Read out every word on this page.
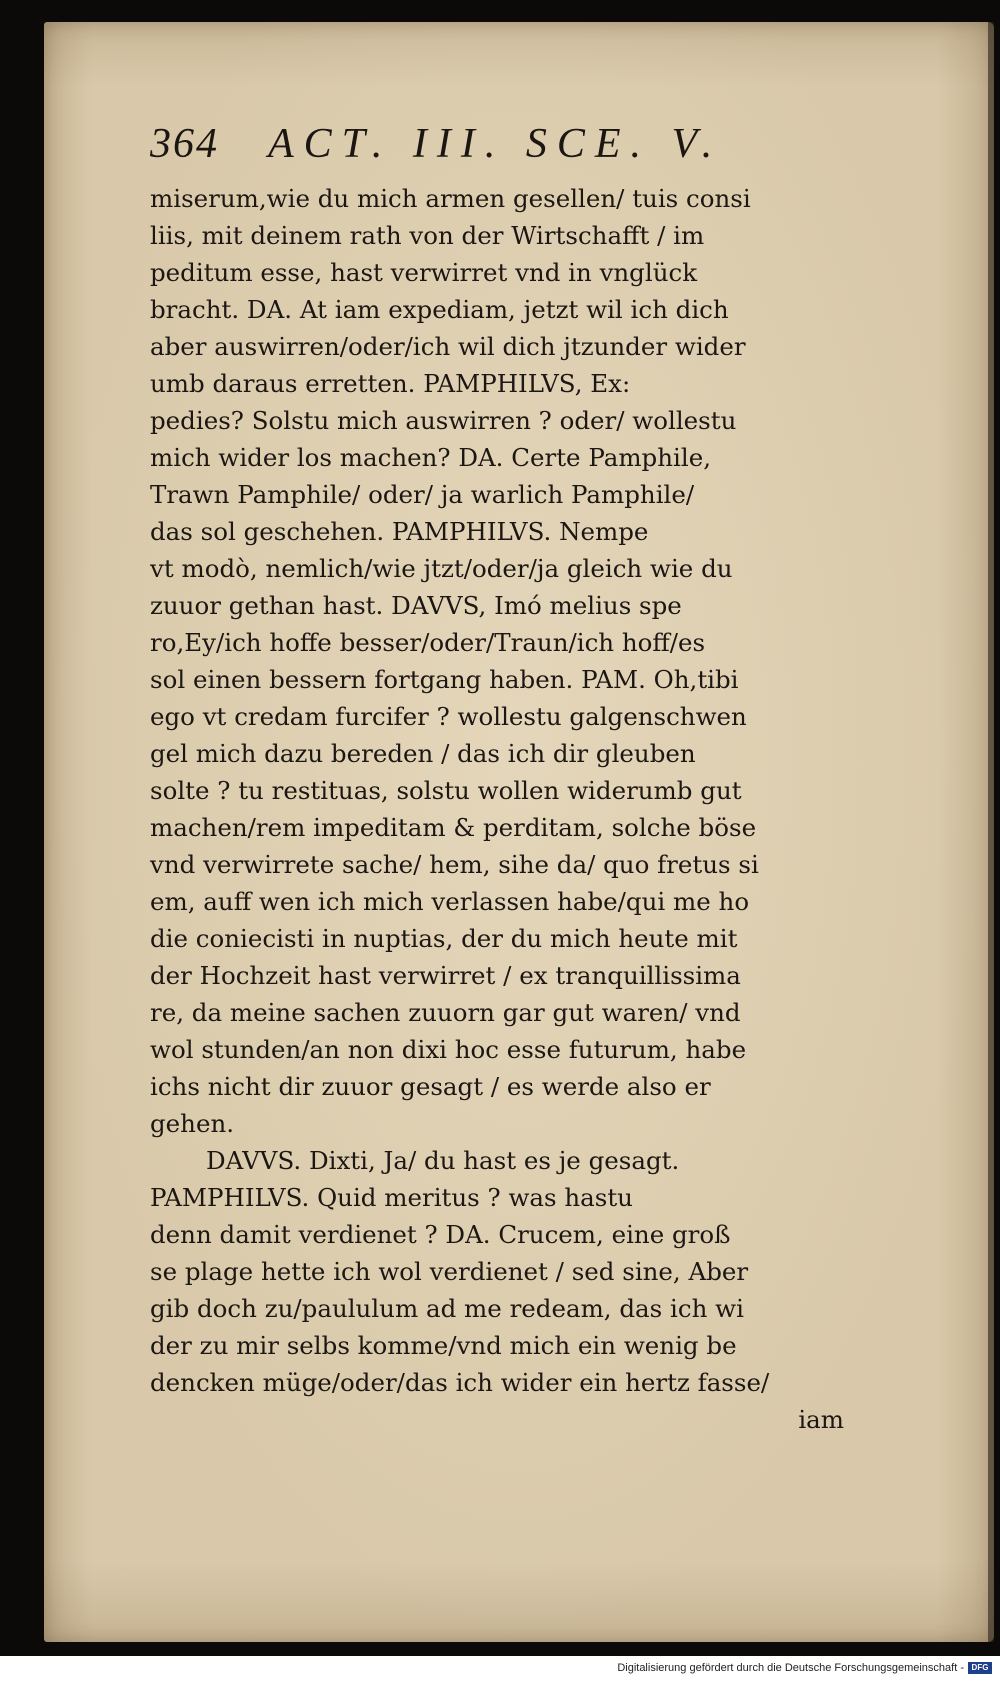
364 ACT. III. SCE. V.
miserum,wie du mich armen gesellen/ tuis consi
liis, mit deinem rath von der Wirtschafft / im
peditum esse, hast verwirret vnd in vnglück
bracht. DA. At iam expediam, jetzt wil ich dich
aber auswirren/oder/ich wil dich jtzunder wider
umb daraus erretten. PAMPHILVS, Ex:
pedies? Solstu mich auswirren ? oder/ wollestu
mich wider los machen? DA. Certe Pamphile,
Trawn Pamphile/ oder/ ja warlich Pamphile/
das sol geschehen. PAMPHILVS. Nempe
vt modò, nemlich/wie jtzt/oder/ja gleich wie du
zuuor gethan hast. DAVVS, Imó melius spe
ro,Ey/ich hoffe besser/oder/Traun/ich hoff/es
sol einen bessern fortgang haben. PAM. Oh,tibi
ego vt credam furcifer ? wollestu galgenschwen
gel mich dazu bereden / das ich dir gleuben
solte ? tu restituas, solstu wollen widerumb gut
machen/rem impeditam & perditam, solche böse
vnd verwirrete sache/ hem, sihe da/ quo fretus si
em, auff wen ich mich verlassen habe/qui me ho
die coniecisti in nuptias, der du mich heute mit
der Hochzeit hast verwirret / ex tranquillissima
re, da meine sachen zuuorn gar gut waren/ vnd
wol stunden/an non dixi hoc esse futurum, habe
ichs nicht dir zuuor gesagt / es werde also er
gehen.
DAVVS. Dixti, Ja/ du hast es je gesagt.
PAMPHILVS. Quid meritus ? was hastu
denn damit verdienet ? DA. Crucem, eine groß
se plage hette ich wol verdienet / sed sine, Aber
gib doch zu/paululum ad me redeam, das ich wi
der zu mir selbs komme/vnd mich ein wenig be
dencken müge/oder/das ich wider ein hertz fasse/
iam
Digitalisierung gefördert durch die Deutsche Forschungsgemeinschaft - DFG
